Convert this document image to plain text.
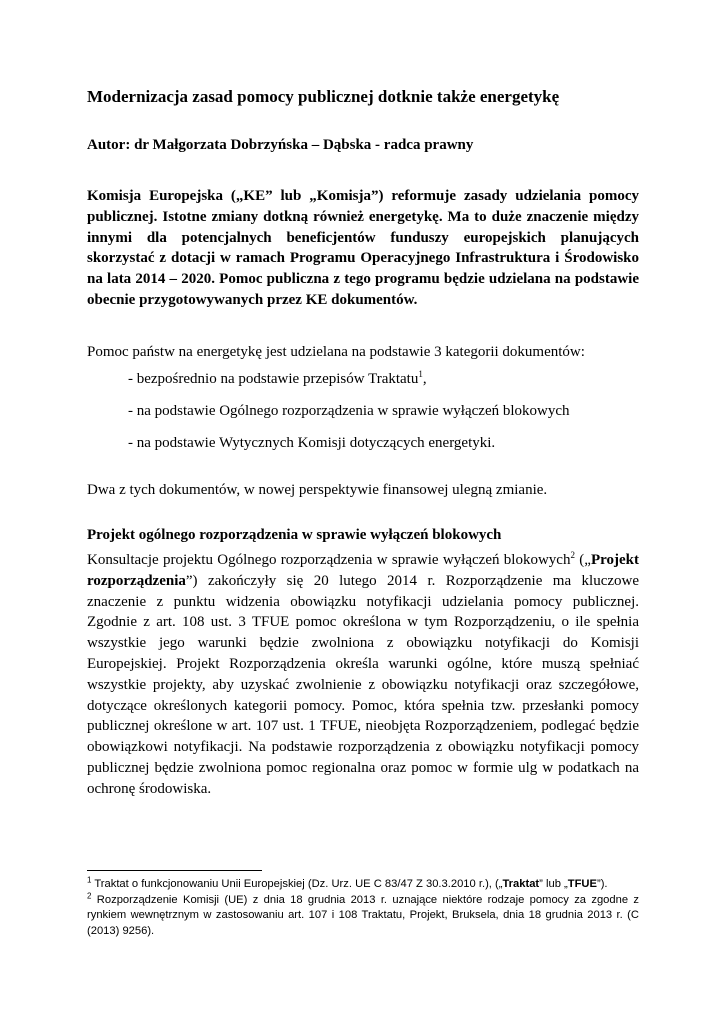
Modernizacja zasad pomocy publicznej dotknie także energetykę

Autor: dr Małgorzata Dobrzyńska – Dąbska - radca prawny

Komisja Europejska („KE” lub „Komisja”) reformuje zasady udzielania pomocy publicznej. Istotne zmiany dotkną również energetykę. Ma to duże znaczenie między innymi dla potencjalnych beneficjentów funduszy europejskich planujących skorzystać z dotacji w ramach Programu Operacyjnego Infrastruktura i Środowisko na lata 2014 – 2020. Pomoc publiczna z tego programu będzie udzielana na podstawie obecnie przygotowywanych przez KE dokumentów.

Pomoc państw na energetykę jest udzielana na podstawie 3 kategorii dokumentów:

- bezpośrednio na podstawie przepisów Traktatu$^1$,
- na podstawie Ogólnego rozporządzenia w sprawie wyłączeń blokowych
- na podstawie Wytycznych Komisji dotyczących energetyki.

Dwa z tych dokumentów, w nowej perspektywie finansowej ulegną zmianie.

Projekt ogólnego rozporządzenia w sprawie wyłączeń blokowych

Konsultacje projektu Ogólnego rozporządzenia w sprawie wyłączeń blokowych$^2$ („Projekt rozporządzenia”) zakończyły się 20 lutego 2014 r. Rozporządzenie ma kluczowe znaczenie z punktu widzenia obowiązku notyfikacji udzielania pomocy publicznej. Zgodnie z art. 108 ust. 3 TFUE pomoc określona w tym Rozporządzeniu, o ile spełnia wszystkie jego warunki będzie zwolniona z obowiązku notyfikacji do Komisji Europejskiej. Projekt Rozporządzenia określa warunki ogólne, które muszą spełniać wszystkie projekty, aby uzyskać zwolnienie z obowiązku notyfikacji oraz szczegółowe, dotyczące określonych kategorii pomocy. Pomoc, która spełnia tzw. przesłanki pomocy publicznej określone w art. 107 ust. 1 TFUE, nieobjęta Rozporządzeniem, podlegać będzie obowiązkowi notyfikacji. Na podstawie rozporządzenia z obowiązku notyfikacji pomocy publicznej będzie zwolniona pomoc regionalna oraz pomoc w formie ulg w podatkach na ochronę środowiska.

$^1$ Traktat o funkcjonowaniu Unii Europejskiej (Dz. Urz. UE C 83/47 Z 30.3.2010 r.), („Traktat” lub „TFUE”).

$^2$ Rozporządzenie Komisji (UE) z dnia 18 grudnia 2013 r. uznające niektóre rodzaje pomocy za zgodne z rynkiem wewnętrznym w zastosowaniu art. 107 i 108 Traktatu, Projekt, Bruksela, dnia 18 grudnia 2013 r. (C (2013) 9256).
